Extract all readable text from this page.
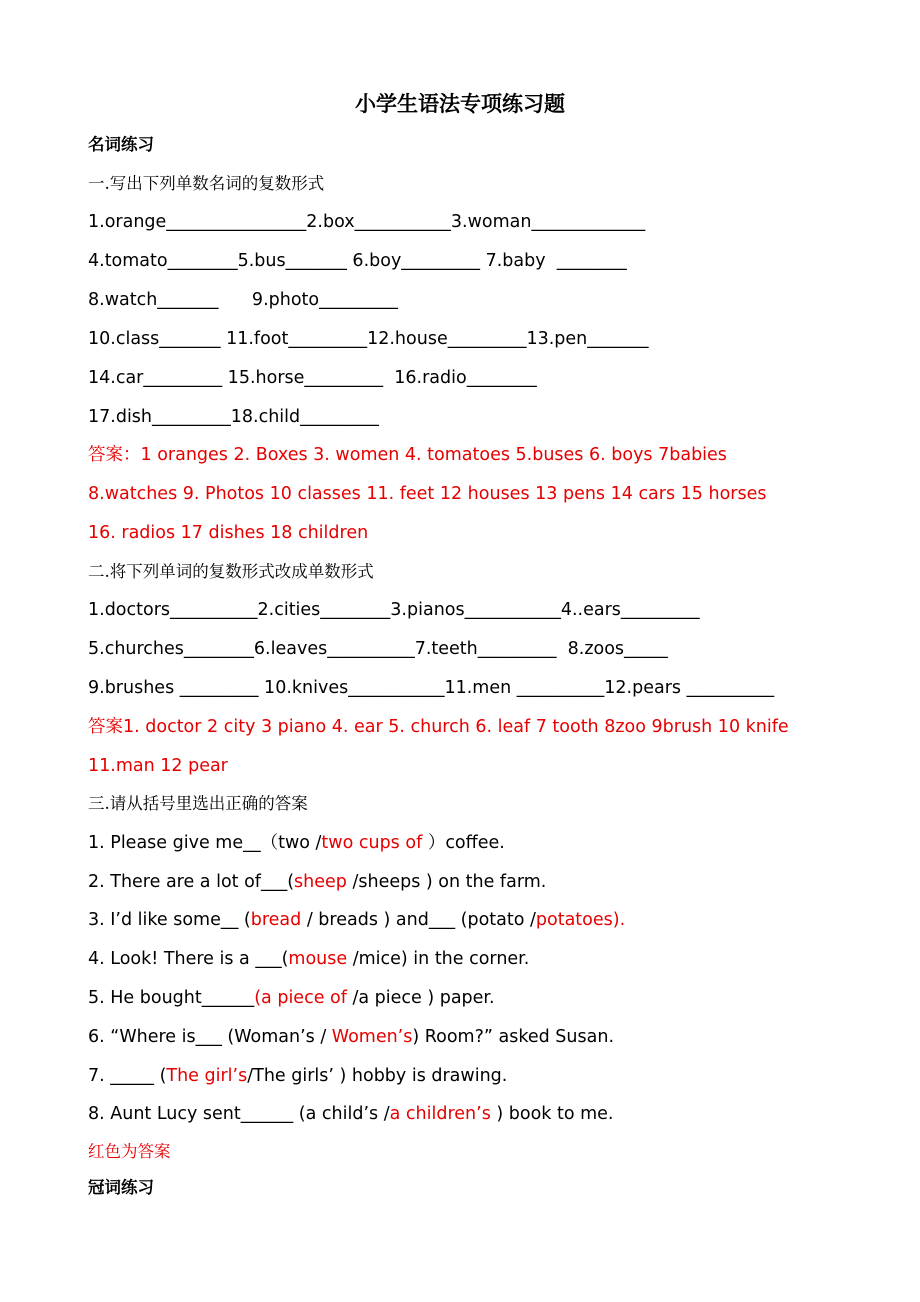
小学生语法专项练习题
名词练习
一.写出下列单数名词的复数形式
1.orange________________2.box___________3.woman_____________
4.tomato________5.bus_______ 6.boy_________ 7.baby  ________
8.watch_______      9.photo_________
10.class_______ 11.foot_________12.house_________13.pen_______
14.car_________ 15.horse_________  16.radio________
17.dish_________18.child_________
答案：1 oranges 2. Boxes 3. women 4. tomatoes 5.buses 6. boys 7babies
8.watches 9. Photos 10 classes 11. feet 12 houses 13 pens 14 cars 15 horses
16. radios 17 dishes 18 children
二.将下列单词的复数形式改成单数形式
1.doctors__________2.cities________3.pianos___________4..ears_________
5.churches________6.leaves__________7.teeth_________  8.zoos_____
9.brushes _________ 10.knives___________11.men __________12.pears __________
答案1. doctor 2 city 3 piano 4. ear 5. church 6. leaf 7 tooth 8zoo 9brush 10 knife
11.man 12 pear
三.请从括号里选出正确的答案
1. Please give me__（two /two cups of ）coffee.
2. There are a lot of___(sheep /sheeps ) on the farm.
3. I’d like some__ (bread / breads ) and___ (potato /potatoes).
4. Look! There is a ___(mouse /mice) in the corner.
5. He bought______(a piece of /a piece ) paper.
6. “Where is___ (Woman’s / Women’s) Room?” asked Susan.
7. _____ (The girl’s/The girls’ ) hobby is drawing.
8. Aunt Lucy sent______ (a child’s /a children’s ) book to me.
红色为答案
冠词练习
